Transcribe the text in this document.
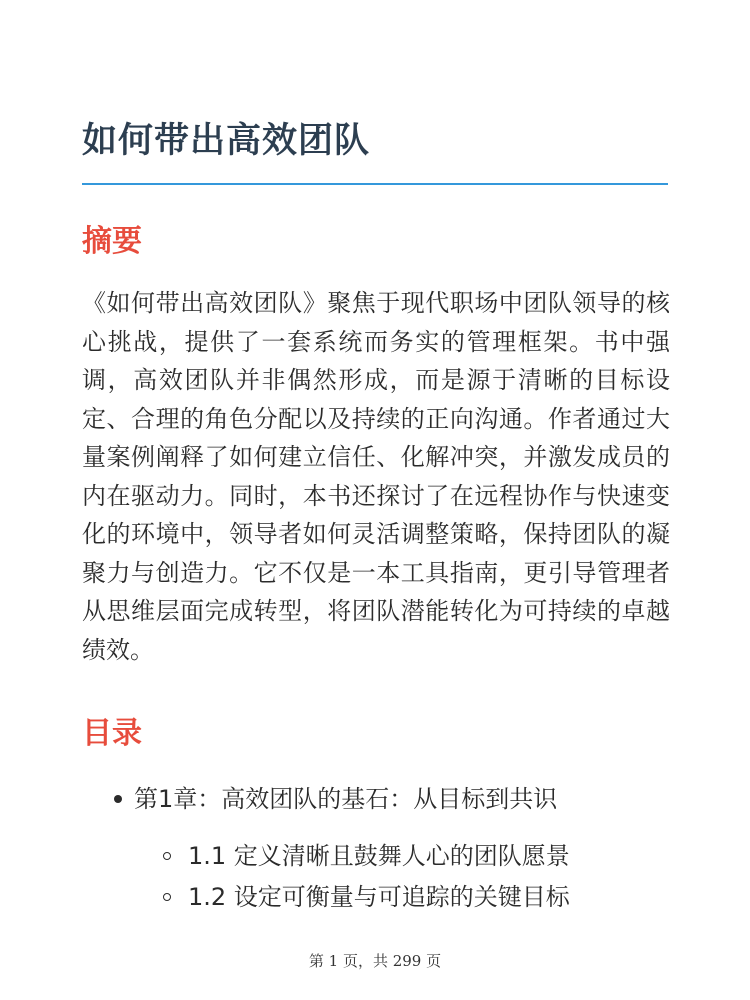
如何带出高效团队
摘要

《如何带出高效团队》聚焦于现代职场中团队领导的核心挑战，提供了一套系统而务实的管理框架。书中强调，高效团队并非偶然形成，而是源于清晰的目标设定、合理的角色分配以及持续的正向沟通。作者通过大量案例阐释了如何建立信任、化解冲突，并激发成员的内在驱动力。同时，本书还探讨了在远程协作与快速变化的环境中，领导者如何灵活调整策略，保持团队的凝聚力与创造力。它不仅是一本工具指南，更引导管理者从思维层面完成转型，将团队潜能转化为可持续的卓越绩效。

目录
第1章：高效团队的基石：从目标到共识
1.1 定义清晰且鼓舞人心的团队愿景
1.2 设定可衡量与可追踪的关键目标
第 1 页，共 299 页
